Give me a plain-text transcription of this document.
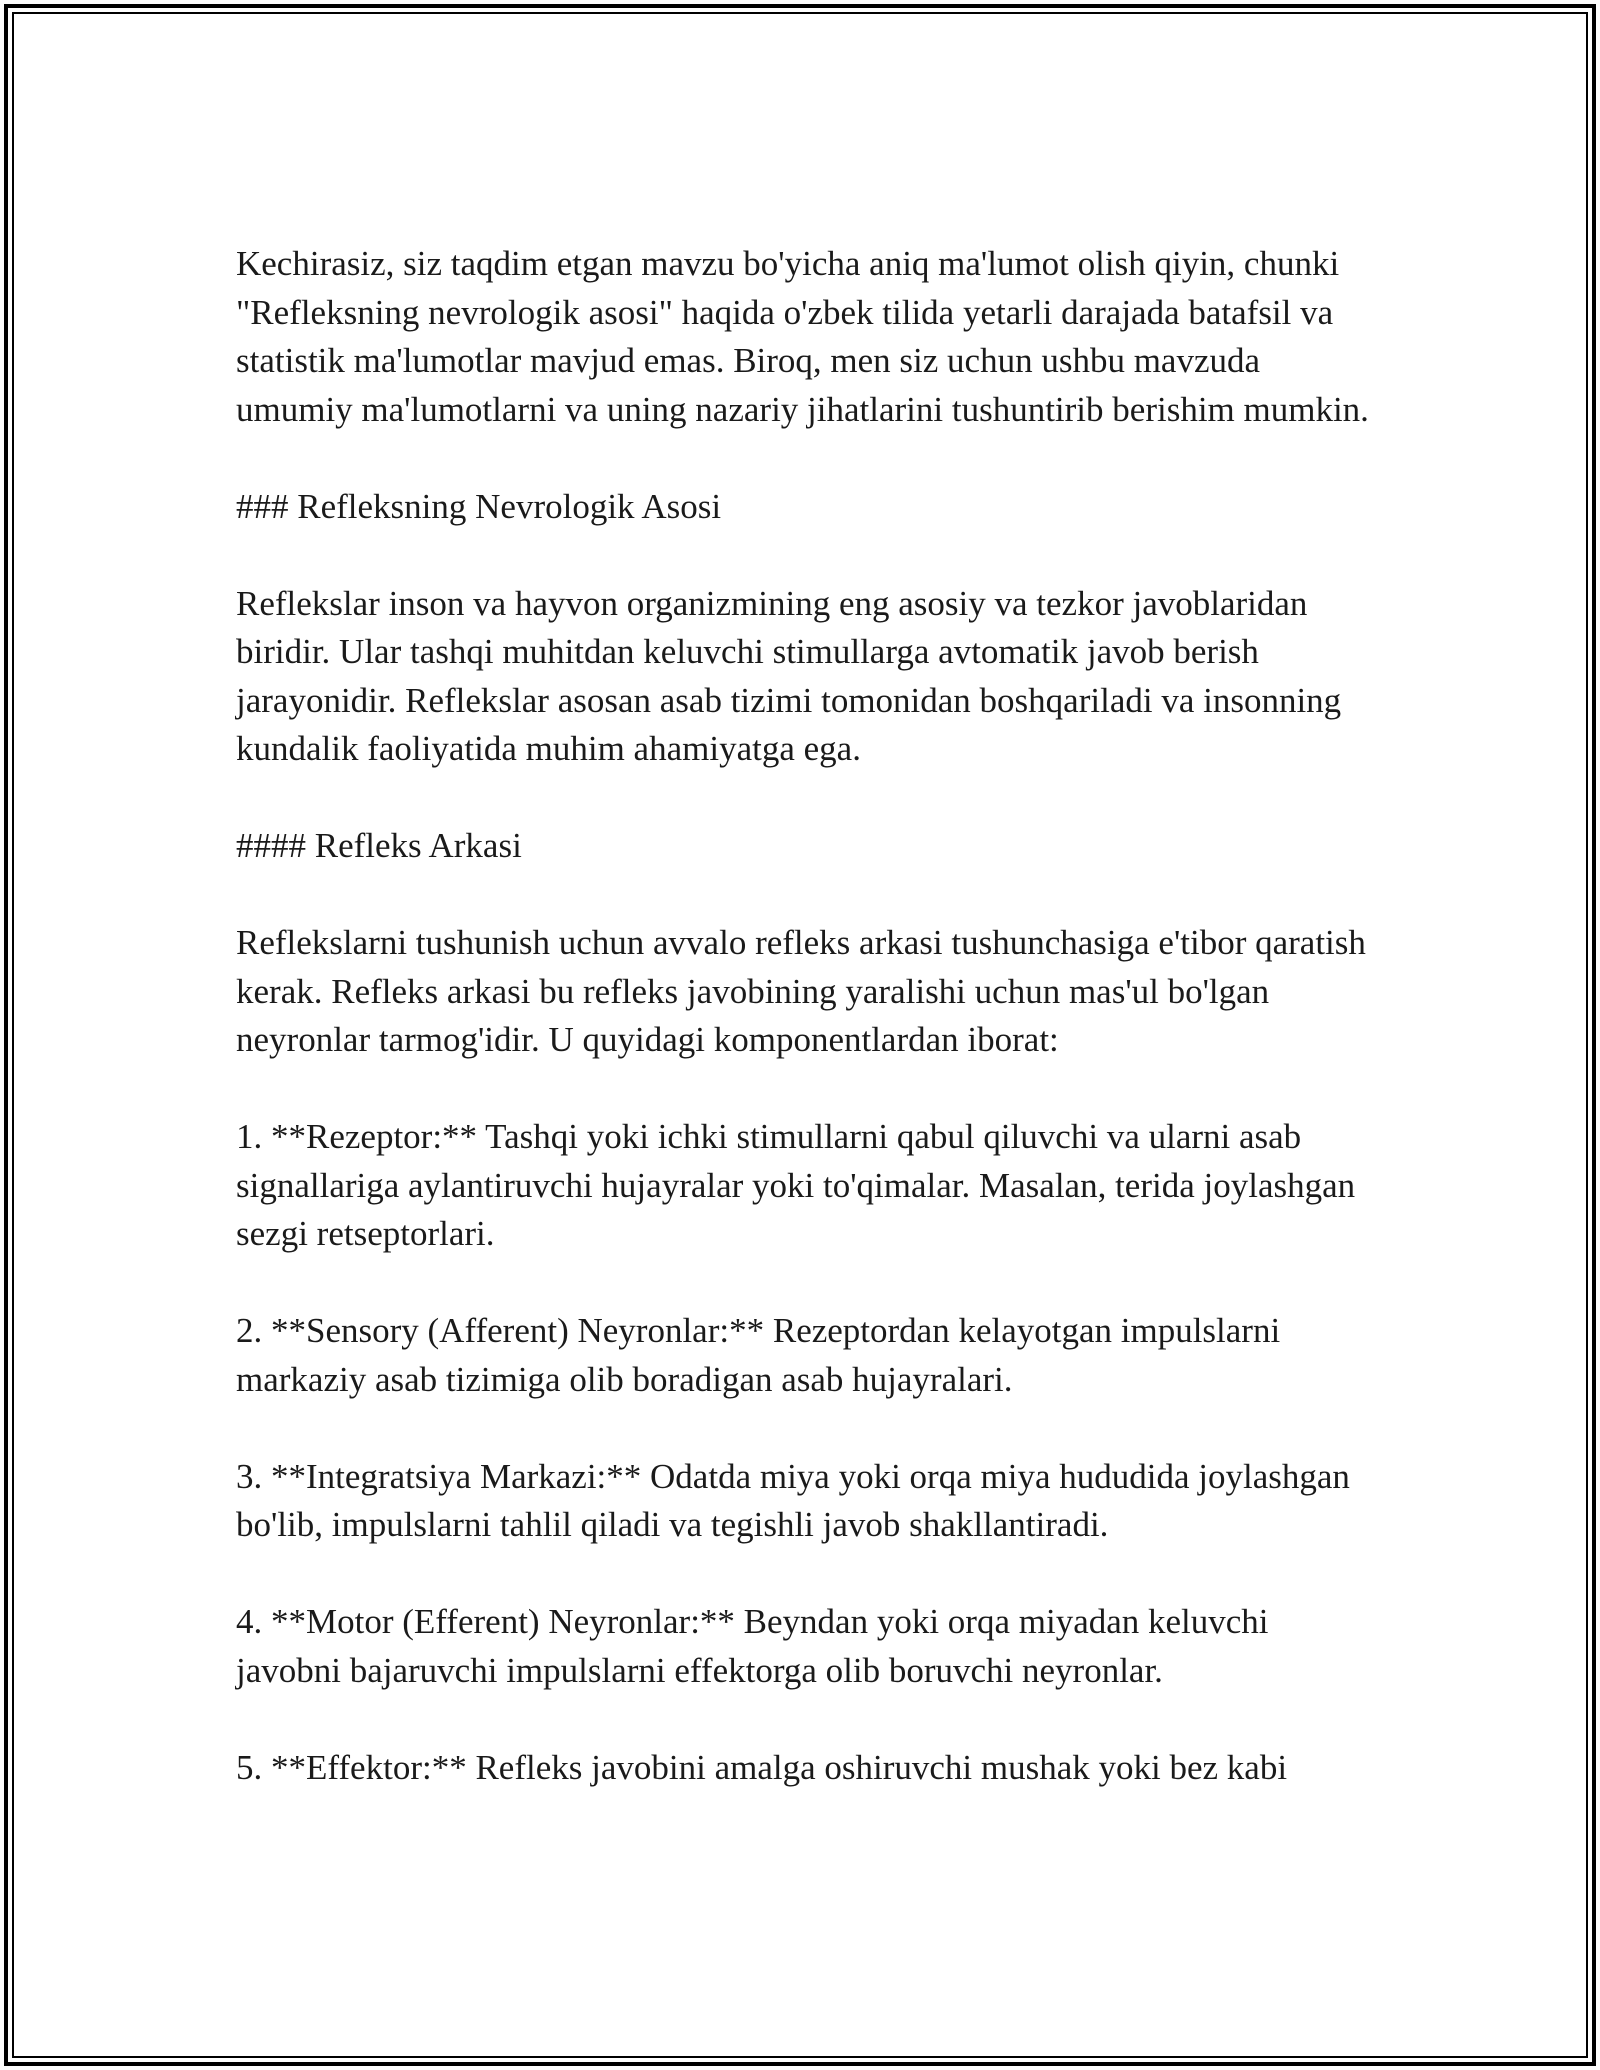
Kechirasiz, siz taqdim etgan mavzu bo'yicha aniq ma'lumot olish qiyin, chunki "Refleksning nevrologik asosi" haqida o'zbek tilida yetarli darajada batafsil va statistik ma'lumotlar mavjud emas. Biroq, men siz uchun ushbu mavzuda umumiy ma'lumotlarni va uning nazariy jihatlarini tushuntirib berishim mumkin.

### Refleksning Nevrologik Asosi

Reflekslar inson va hayvon organizmining eng asosiy va tezkor javoblaridan biridir. Ular tashqi muhitdan keluvchi stimullarga avtomatik javob berish jarayonidir. Reflekslar asosan asab tizimi tomonidan boshqariladi va insonning kundalik faoliyatida muhim ahamiyatga ega.

#### Refleks Arkasi

Reflekslarni tushunish uchun avvalo refleks arkasi tushunchasiga e'tibor qaratish kerak. Refleks arkasi bu refleks javobining yaralishi uchun mas'ul bo'lgan neyronlar tarmog'idir. U quyidagi komponentlardan iborat:

1. **Rezeptor:** Tashqi yoki ichki stimullarni qabul qiluvchi va ularni asab signallariga aylantiruvchi hujayralar yoki to'qimalar. Masalan, terida joylashgan sezgi retseptorlari.

2. **Sensory (Afferent) Neyronlar:** Rezeptordan kelayotgan impulslarni markaziy asab tizimiga olib boradigan asab hujayralari.

3. **Integratsiya Markazi:** Odatda miya yoki orqa miya hududida joylashgan bo'lib, impulslarni tahlil qiladi va tegishli javob shakllantiradi.

4. **Motor (Efferent) Neyronlar:** Beyndan yoki orqa miyadan keluvchi javobni bajaruvchi impulslarni effektorga olib boruvchi neyronlar.

5. **Effektor:** Refleks javobini amalga oshiruvchi mushak yoki bez kabi
